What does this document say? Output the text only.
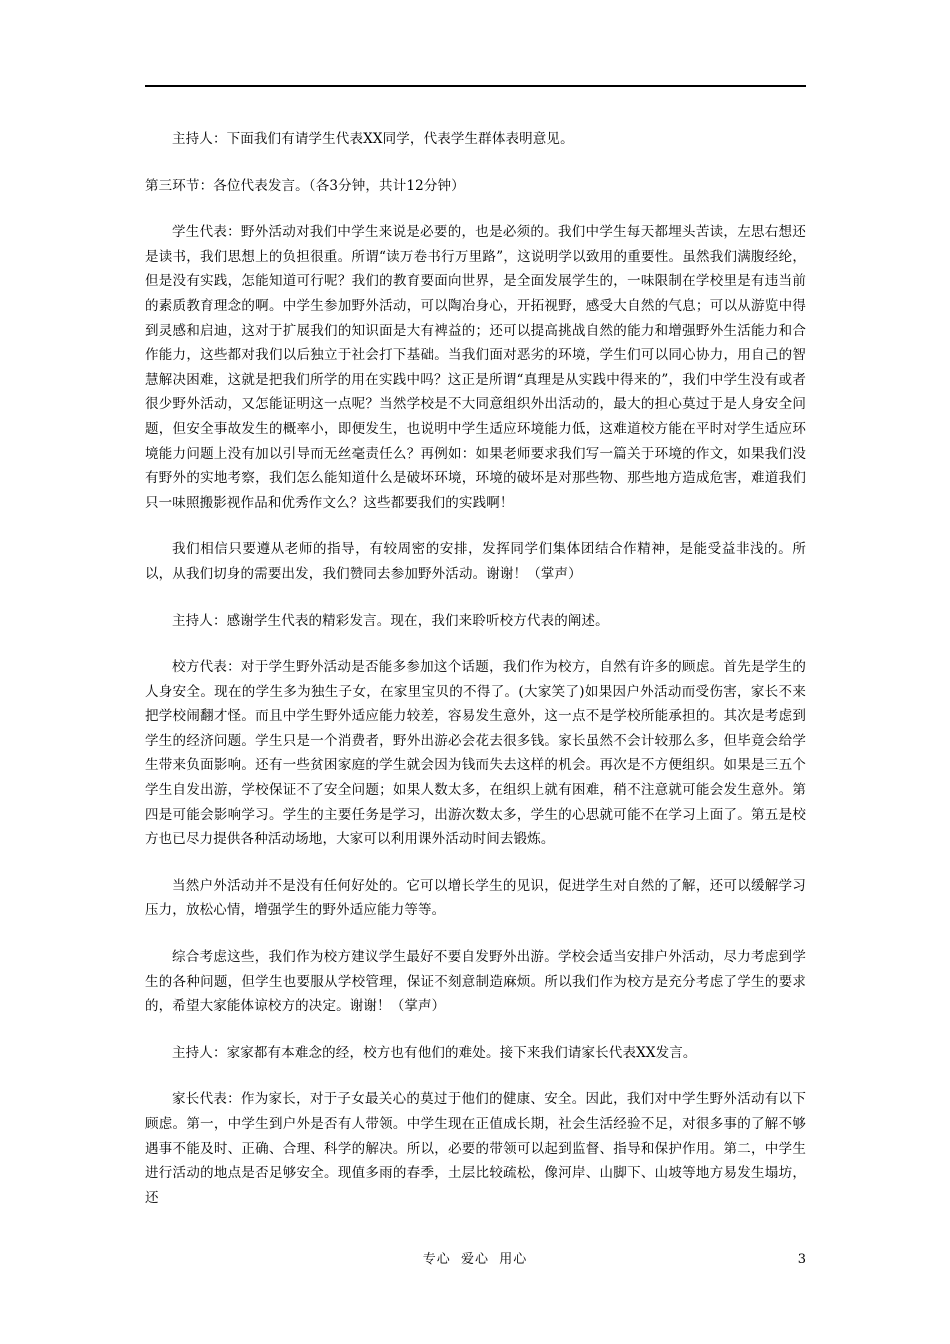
主持人：下面我们有请学生代表XX同学，代表学生群体表明意见。

第三环节：各位代表发言。（各3分钟，共计12分钟）

学生代表：野外活动对我们中学生来说是必要的，也是必须的。我们中学生每天都埋头苦读，左思右想还是读书，我们思想上的负担很重。所谓“读万卷书行万里路”，这说明学以致用的重要性。虽然我们满腹经纶，但是没有实践，怎能知道可行呢？我们的教育要面向世界，是全面发展学生的，一味限制在学校里是有违当前的素质教育理念的啊。中学生参加野外活动，可以陶冶身心，开拓视野，感受大自然的气息；可以从游览中得到灵感和启迪，这对于扩展我们的知识面是大有裨益的；还可以提高挑战自然的能力和增强野外生活能力和合作能力，这些都对我们以后独立于社会打下基础。当我们面对恶劣的环境，学生们可以同心协力，用自己的智慧解决困难，这就是把我们所学的用在实践中吗？这正是所谓“真理是从实践中得来的”，我们中学生没有或者很少野外活动，又怎能证明这一点呢？当然学校是不大同意组织外出活动的，最大的担心莫过于是人身安全问题，但安全事故发生的概率小，即便发生，也说明中学生适应环境能力低，这难道校方能在平时对学生适应环境能力问题上没有加以引导而无丝毫责任么？再例如：如果老师要求我们写一篇关于环境的作文，如果我们没有野外的实地考察，我们怎么能知道什么是破坏环境，环境的破坏是对那些物、那些地方造成危害，难道我们只一味照搬影视作品和优秀作文么？这些都要我们的实践啊！

我们相信只要遵从老师的指导，有较周密的安排，发挥同学们集体团结合作精神，是能受益非浅的。所以，从我们切身的需要出发，我们赞同去参加野外活动。谢谢！（掌声）

主持人：感谢学生代表的精彩发言。现在，我们来聆听校方代表的阐述。

校方代表：对于学生野外活动是否能多参加这个话题，我们作为校方，自然有许多的顾虑。首先是学生的人身安全。现在的学生多为独生子女，在家里宝贝的不得了。(大家笑了)如果因户外活动而受伤害，家长不来把学校闹翻才怪。而且中学生野外适应能力较差，容易发生意外，这一点不是学校所能承担的。其次是考虑到学生的经济问题。学生只是一个消费者，野外出游必会花去很多钱。家长虽然不会计较那么多，但毕竟会给学生带来负面影响。还有一些贫困家庭的学生就会因为钱而失去这样的机会。再次是不方便组织。如果是三五个学生自发出游，学校保证不了安全问题；如果人数太多，在组织上就有困难，稍不注意就可能会发生意外。第四是可能会影响学习。学生的主要任务是学习，出游次数太多，学生的心思就可能不在学习上面了。第五是校方也已尽力提供各种活动场地，大家可以利用课外活动时间去锻炼。

当然户外活动并不是没有任何好处的。它可以增长学生的见识，促进学生对自然的了解，还可以缓解学习压力，放松心情，增强学生的野外适应能力等等。

综合考虑这些，我们作为校方建议学生最好不要自发野外出游。学校会适当安排户外活动，尽力考虑到学生的各种问题，但学生也要服从学校管理，保证不刻意制造麻烦。所以我们作为校方是充分考虑了学生的要求的，希望大家能体谅校方的决定。谢谢！（掌声）

主持人：家家都有本难念的经，校方也有他们的难处。接下来我们请家长代表XX发言。

家长代表：作为家长，对于子女最关心的莫过于他们的健康、安全。因此，我们对中学生野外活动有以下顾虑。第一，中学生到户外是否有人带领。中学生现在正值成长期，社会生活经验不足，对很多事的了解不够遇事不能及时、正确、合理、科学的解决。所以，必要的带领可以起到监督、指导和保护作用。第二，中学生进行活动的地点是否足够安全。现值多雨的春季，土层比较疏松，像河岸、山脚下、山坡等地方易发生塌坊，还

专心  爱心  用心	3
